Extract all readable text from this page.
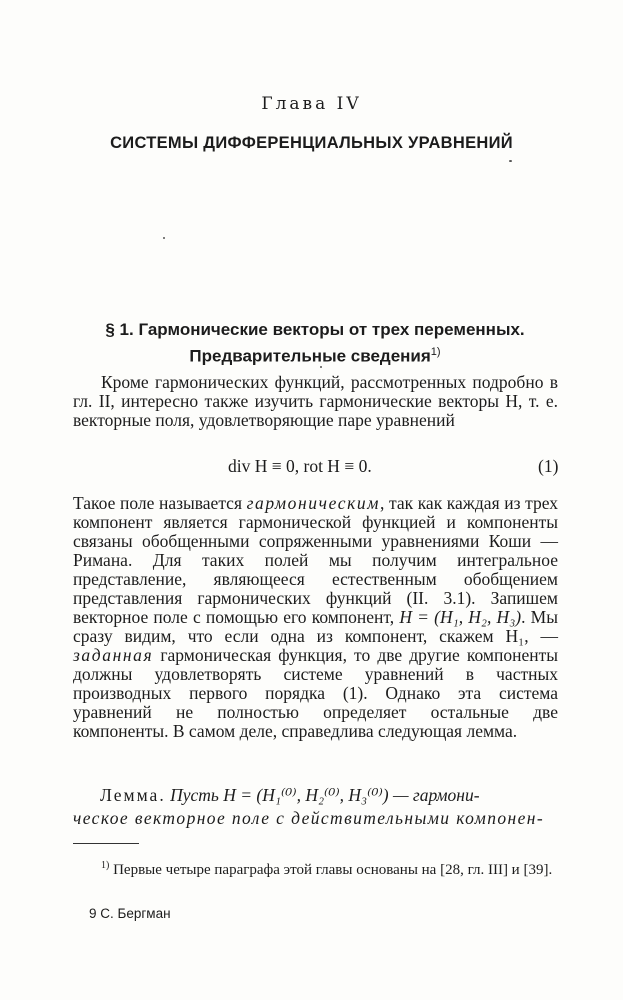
Глава IV
СИСТЕМЫ ДИФФЕРЕНЦИАЛЬНЫХ УРАВНЕНИЙ
§ 1. Гармонические векторы от трех переменных.
Предварительные сведения$^{1)}$
Кроме гармонических функций, рассмотренных подробно в гл. II, интересно также изучить гармонические векторы H, т. е. векторные поля, удовлетворяющие паре уравнений
div H ≡ 0, rot H ≡ 0.	(1)
Такое поле называется гармоническим, так как каждая из трех компонент является гармонической функцией и компоненты связаны обобщенными сопряженными уравнениями Коши — Римана. Для таких полей мы получим интегральное представление, являющееся естественным обобщением представления гармонических функций (II. 3.1). Запишем векторное поле с помощью его компонент, H = (H₁, H₂, H₃). Мы сразу видим, что если одна из компонент, скажем H₁, — заданная гармоническая функция, то две другие компоненты должны удовлетворять системе уравнений в частных производных первого порядка (1). Однако эта система уравнений не полностью определяет остальные две компоненты. В самом деле, справедлива следующая лемма.
Лемма. Пусть H = (H₁⁽⁰⁾, H₂⁽⁰⁾, H₃⁽⁰⁾) — гармони-
ческое векторное поле с действительными компонен-
$^{1)}$ Первые четыре параграфа этой главы основаны на [28, гл. III] и [39].
9 С. Бергман
